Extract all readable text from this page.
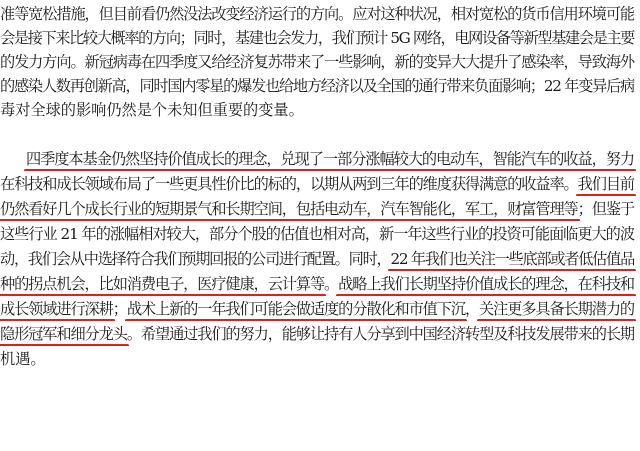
准等宽松措施，但目前看仍然没法改变经济运行的方向。应对这种状况，相对宽松的货币信用环境可能
会是接下来比较大概率的方向；同时，基建也会发力，我们预计 5G 网络，电网设备等新型基建会是主要
的发力方向。新冠病毒在四季度又给经济复苏带来了一些影响，新的变异大大提升了感染率，导致海外
的感染人数再创新高，同时国内零星的爆发也给地方经济以及全国的通行带来负面影响；22 年变异后病
毒对全球的影响仍然是个未知但重要的变量。
四季度本基金仍然坚持价值成长的理念，兑现了一部分涨幅较大的电动车，智能汽车的收益，努力
在科技和成长领域布局了一些更具性价比的标的，以期从两到三年的维度获得满意的收益率。我们目前
仍然看好几个成长行业的短期景气和长期空间，包括电动车，汽车智能化，军工，财富管理等；但鉴于
这些行业 21 年的涨幅相对较大，部分个股的估值也相对高，新一年这些行业的投资可能面临更大的波
动，我们会从中选择符合我们预期回报的公司进行配置。同时，22 年我们也关注一些底部或者低估值品
种的拐点机会，比如消费电子，医疗健康，云计算等。战略上我们长期坚持价值成长的理念，在科技和
成长领域进行深耕；战术上新的一年我们可能会做适度的分散化和市值下沉，关注更多具备长期潜力的
隐形冠军和细分龙头。希望通过我们的努力，能够让持有人分享到中国经济转型及科技发展带来的长期
机遇。
